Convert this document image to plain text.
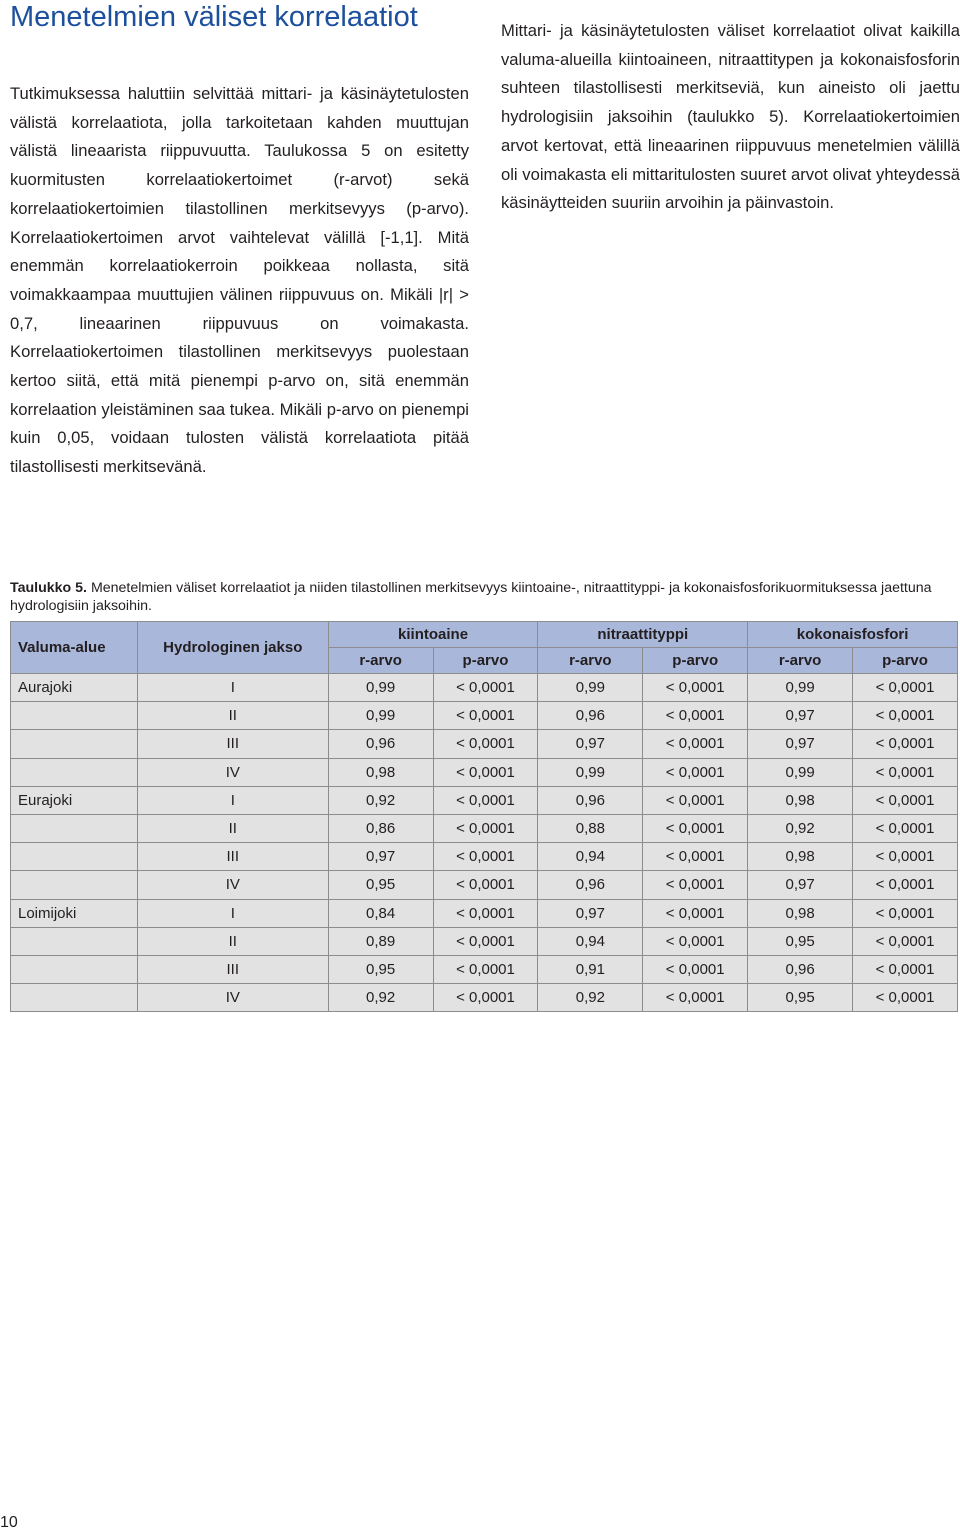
Menetelmien väliset korrelaatiot

Tutkimuksessa haluttiin selvittää mittari- ja käsinäytetulosten välistä korrelaatiota, jolla tarkoitetaan kahden muuttujan välistä lineaarista riippuvuutta. Taulukossa 5 on esitetty kuormitusten korrelaatiokertoimet (r-arvot) sekä korrelaatiokertoimien tilastollinen merkitsevyys (p-arvo). Korrelaatiokertoimen arvot vaihtelevat välillä [-1,1]. Mitä enemmän korrelaatiokerroin poikkeaa nollasta, sitä voimakkaampaa muuttujien välinen riippuvuus on. Mikäli |r| > 0,7, lineaarinen riippuvuus on voimakasta. Korrelaatiokertoimen tilastollinen merkitsevyys puolestaan kertoo siitä, että mitä pienempi p-arvo on, sitä enemmän korrelaation yleistäminen saa tukea. Mikäli p-arvo on pienempi kuin 0,05, voidaan tulosten välistä korrelaatiota pitää tilastollisesti merkitsevänä.

Mittari- ja käsinäytetulosten väliset korrelaatiot olivat kaikilla valuma-alueilla kiintoaineen, nitraattitypen ja kokonaisfosforin suhteen tilastollisesti merkitseviä, kun aineisto oli jaettu hydrologisiin jaksoihin (taulukko 5). Korrelaatiokertoimien arvot kertovat, että lineaarinen riippuvuus menetelmien välillä oli voimakasta eli mittaritulosten suuret arvot olivat yhteydessä käsinäytteiden suuriin arvoihin ja päinvastoin.

Taulukko 5. Menetelmien väliset korrelaatiot ja niiden tilastollinen merkitsevyys kiintoaine-, nitraattityppi- ja kokonaisfosforikuormituksessa jaettuna hydrologisiin jaksoihin.
Valuma-alue	Hydrologinen jakso	kiintoaine		nitraattityppi		kokonaisfosfori	
		r-arvo	p-arvo	r-arvo	p-arvo	r-arvo	p-arvo
Aurajoki	I	0,99	< 0,0001	0,99	< 0,0001	0,99	< 0,0001
	II	0,99	< 0,0001	0,96	< 0,0001	0,97	< 0,0001
	III	0,96	< 0,0001	0,97	< 0,0001	0,97	< 0,0001
	IV	0,98	< 0,0001	0,99	< 0,0001	0,99	< 0,0001
Eurajoki	I	0,92	< 0,0001	0,96	< 0,0001	0,98	< 0,0001
	II	0,86	< 0,0001	0,88	< 0,0001	0,92	< 0,0001
	III	0,97	< 0,0001	0,94	< 0,0001	0,98	< 0,0001
	IV	0,95	< 0,0001	0,96	< 0,0001	0,97	< 0,0001
Loimijoki	I	0,84	< 0,0001	0,97	< 0,0001	0,98	< 0,0001
	II	0,89	< 0,0001	0,94	< 0,0001	0,95	< 0,0001
	III	0,95	< 0,0001	0,91	< 0,0001	0,96	< 0,0001
	IV	0,92	< 0,0001	0,92	< 0,0001	0,95	< 0,0001
10
